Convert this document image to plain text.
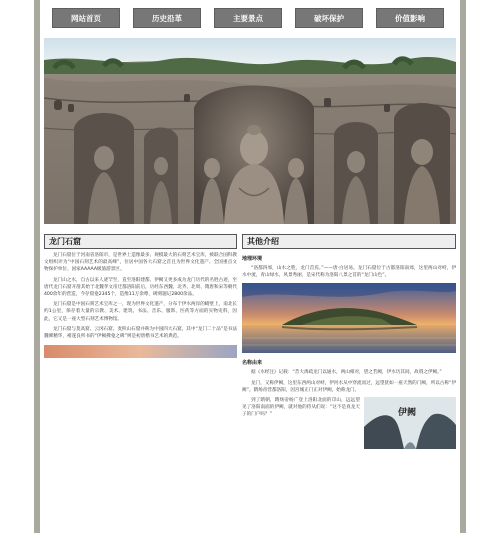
网站首页	历史沿革	主要景点	破坏保护	价值影响
龙门石窟

龙门石窟位于河南省洛阳市，是世界上造像最多、规模最大的石刻艺术宝库，被联合国科教文组织评为“中国石刻艺术的最高峰”，位居中国各大石窟之首且为世界文化遗产、全国重点文物保护单位、国家AAAAA级旅游景区。

龙门山之水，自古以来人迹罕至，直至洛阳建都，伊阙又更多成为龙门历代的名胜古迹，至唐代龙门石窟开凿其始于北魏孝文帝迁都洛阳前后，历经东西魏、北齐、北周、隋唐和宋等朝代400余年的营造，今存窟龛2345个，造像11万余尊，碑刻题记2800余品。

龙门石窟是中国石刻艺术宝库之一，现为世界文化遗产，分布于伊水两岸的峭壁上，南北长约1公里，保存着大量的宗教、美术、建筑、书法、音乐、服饰、医药等方面的实物史料，因此，它又是一座大型石刻艺术博物馆。

龙门石窟与莫高窟、云冈石窟、麦积山石窟并称为中国四大石窟。其中“龙门二十品”是书法魏碑精华，褚遂良所书的“伊阙佛龛之碑”则是初唐楷书艺术的典范。

其他介绍
地理环境

“洛都四郊，山水之胜，龙门首焉。”——唐·白居易。龙门石窟位于古都洛阳南郊，这里两山对峙，伊水中流，青山绿水，风景秀丽，是宋代称为洛阳八景之首的“龙门山色”。

名称由来

据《水经注》记载：“昔大禹疏龙门以通水，两山相对，望之若阙，伊水历其间，故谓之伊阙。”

龙门，又称伊阙，这里东西两山对峙，伊河水从中穿流而过，远望犹如一座天然的门阙，所以古称“伊阙”。隋炀帝营都洛阳，因宫城正门正对伊阙，始称龙门。

到了隋朝，隋炀帝杨广登上洛阳北面的邙山，远远望见了洛阳南面的伊阙，就对他的侍从们说：“这不是真龙天子的门户吗？”	伊阙
